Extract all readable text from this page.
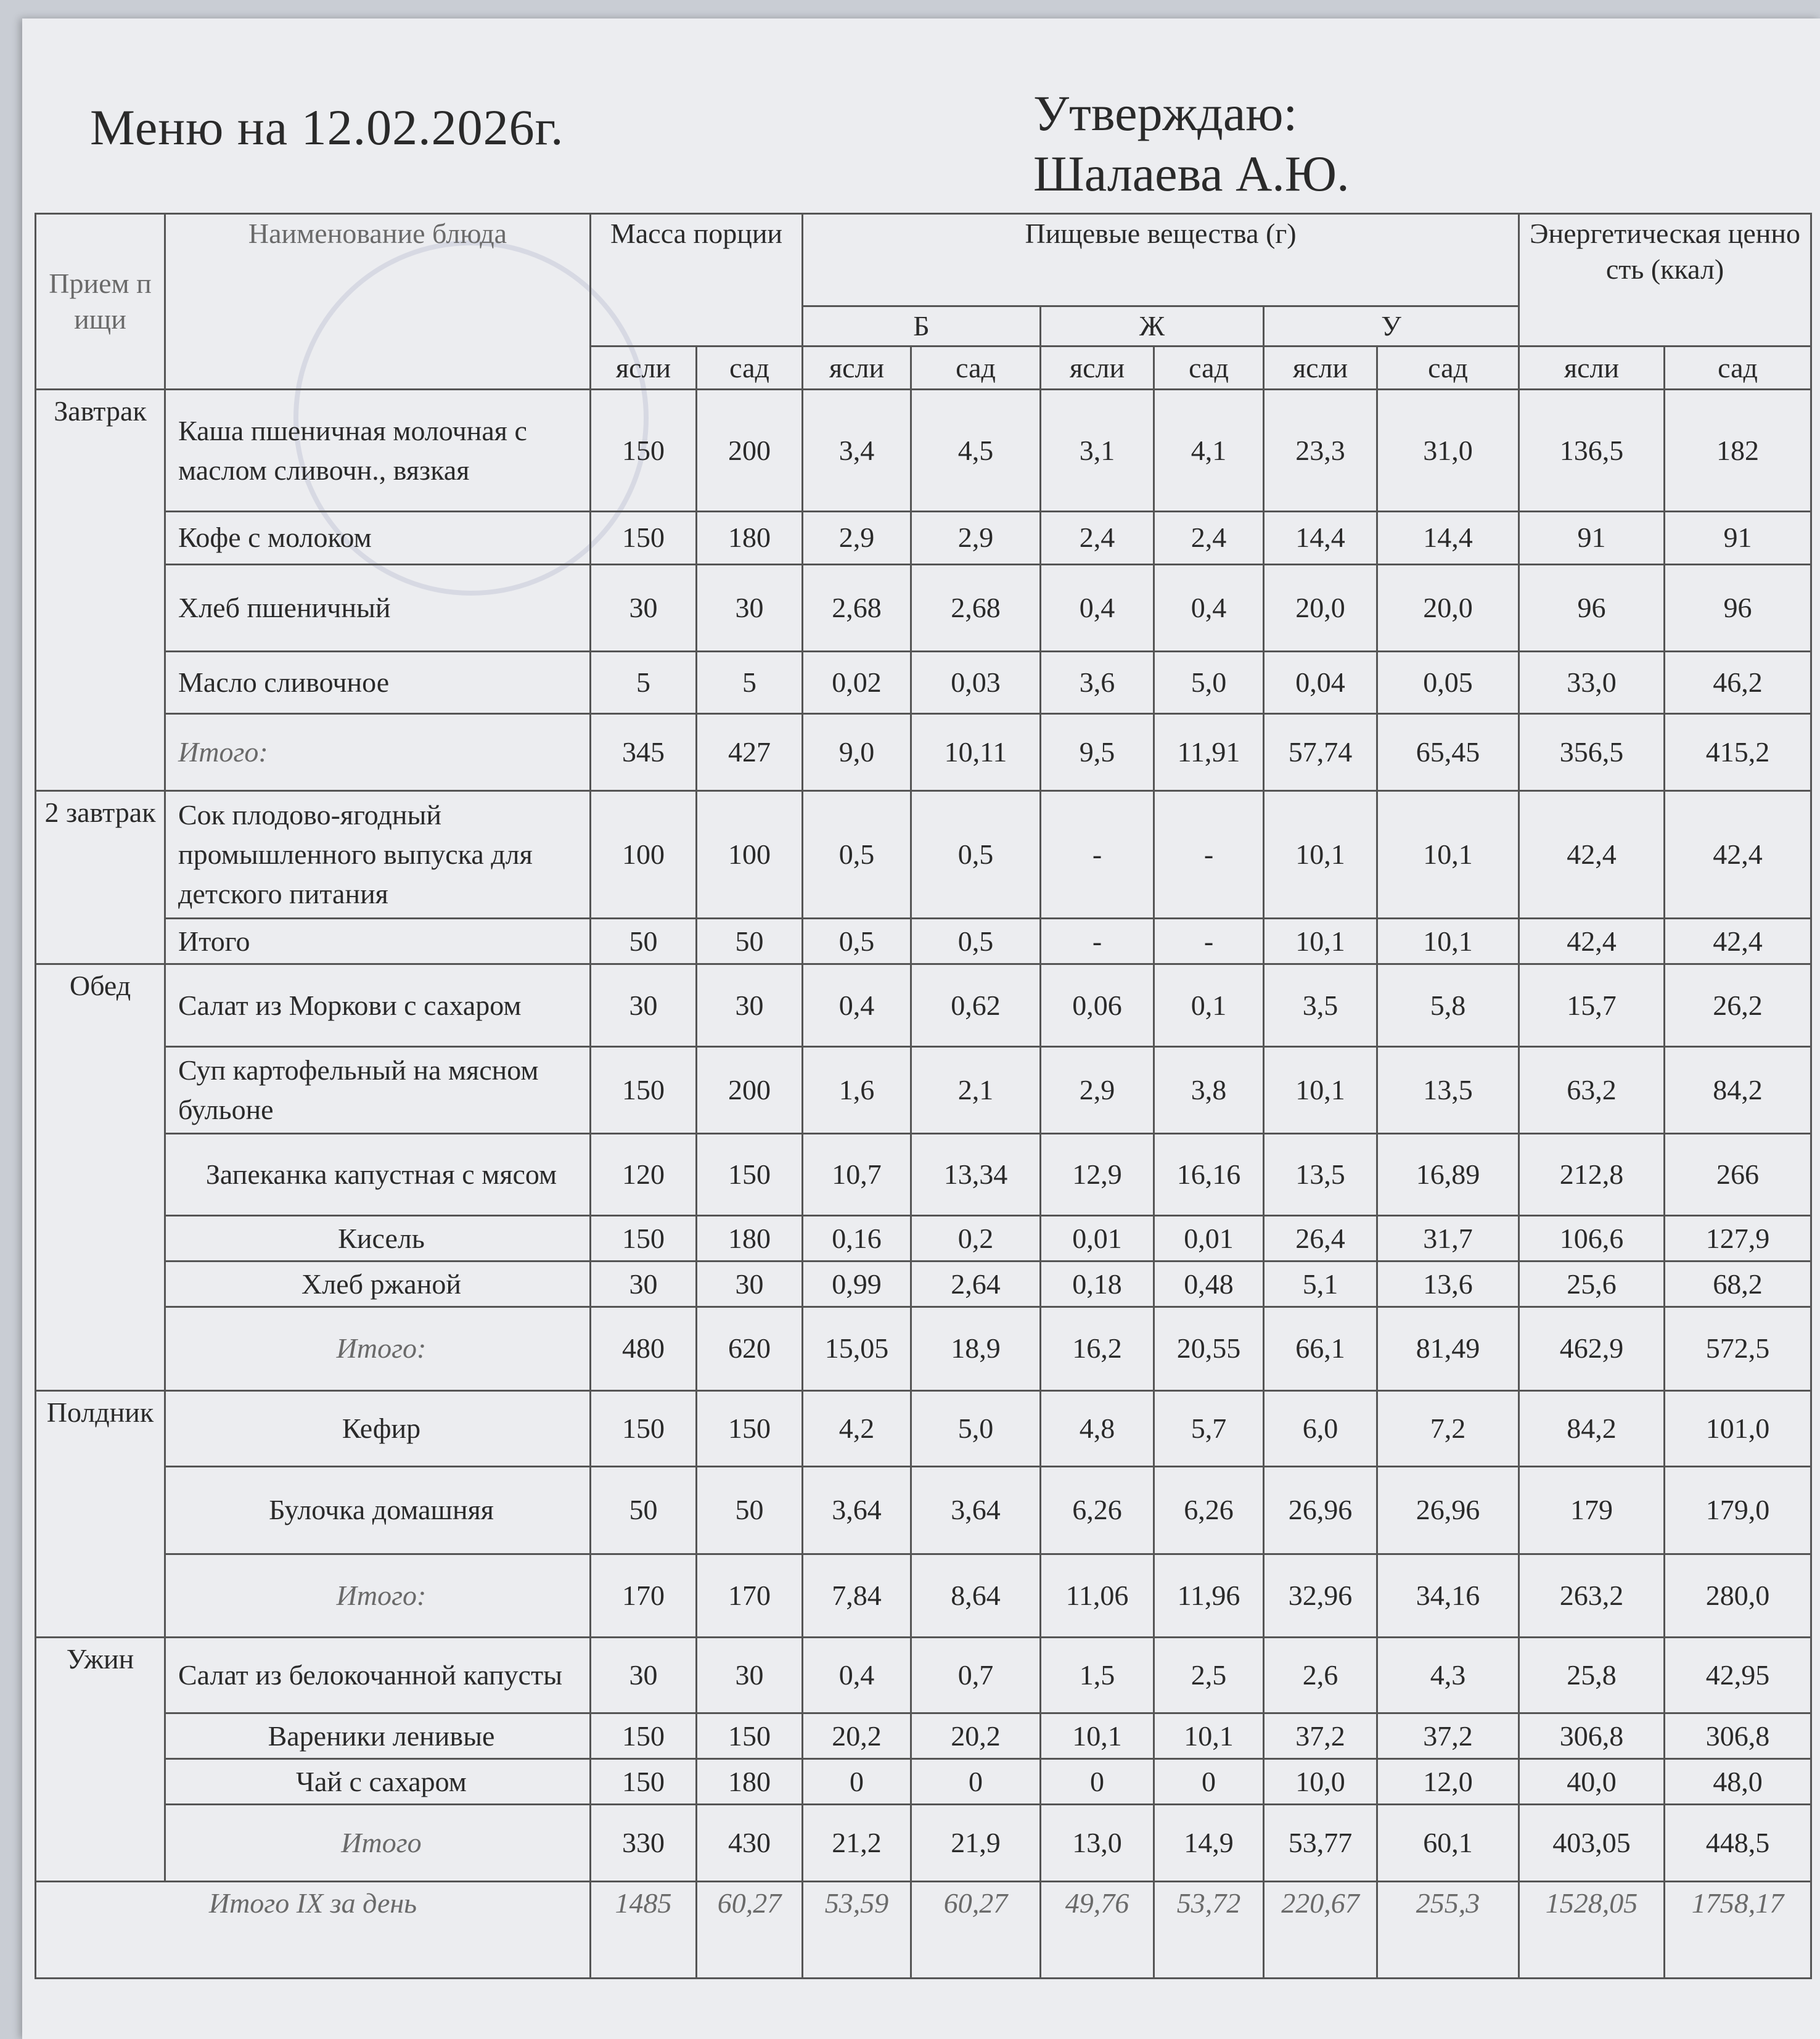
Меню на 12.02.2026г.	Утверждаю:
Шалаева А.Ю.
Прием пищи	Наименование блюда	Масса порции		Пищевые вещества (г)						Энергетическая ценность (ккал)	
				Б		Ж		У			
		ясли	сад	ясли	сад	ясли	сад	ясли	сад	ясли	сад
Завтрак	Каша пшеничная молочная с маслом сливочн., вязкая	150	200	3,4	4,5	3,1	4,1	23,3	31,0	136,5	182
	Кофе с молоком	150	180	2,9	2,9	2,4	2,4	14,4	14,4	91	91
	Хлеб пшеничный	30	30	2,68	2,68	0,4	0,4	20,0	20,0	96	96
	Масло сливочное	5	5	0,02	0,03	3,6	5,0	0,04	0,05	33,0	46,2
	Итого:	345	427	9,0	10,11	9,5	11,91	57,74	65,45	356,5	415,2
2 завтрак	Сок плодово-ягодный промышленного выпуска для детского питания	100	100	0,5	0,5	-	-	10,1	10,1	42,4	42,4
	Итого	50	50	0,5	0,5	-	-	10,1	10,1	42,4	42,4
Обед	Салат из Моркови с сахаром	30	30	0,4	0,62	0,06	0,1	3,5	5,8	15,7	26,2
	Суп картофельный на мясном бульоне	150	200	1,6	2,1	2,9	3,8	10,1	13,5	63,2	84,2
	Запеканка капустная с мясом	120	150	10,7	13,34	12,9	16,16	13,5	16,89	212,8	266
	Кисель	150	180	0,16	0,2	0,01	0,01	26,4	31,7	106,6	127,9
	Хлеб ржаной	30	30	0,99	2,64	0,18	0,48	5,1	13,6	25,6	68,2
	Итого:	480	620	15,05	18,9	16,2	20,55	66,1	81,49	462,9	572,5
Полдник	Кефир	150	150	4,2	5,0	4,8	5,7	6,0	7,2	84,2	101,0
	Булочка домашняя	50	50	3,64	3,64	6,26	6,26	26,96	26,96	179	179,0
	Итого:	170	170	7,84	8,64	11,06	11,96	32,96	34,16	263,2	280,0
Ужин	Салат из белокочанной капусты	30	30	0,4	0,7	1,5	2,5	2,6	4,3	25,8	42,95
	Вареники ленивые	150	150	20,2	20,2	10,1	10,1	37,2	37,2	306,8	306,8
	Чай с сахаром	150	180	0	0	0	0	10,0	12,0	40,0	48,0
	Итого	330	430	21,2	21,9	13,0	14,9	53,77	60,1	403,05	448,5
Итого IX за день		1485	60,27	53,59	60,27	49,76	53,72	220,67	255,3	1528,05	1758,17
